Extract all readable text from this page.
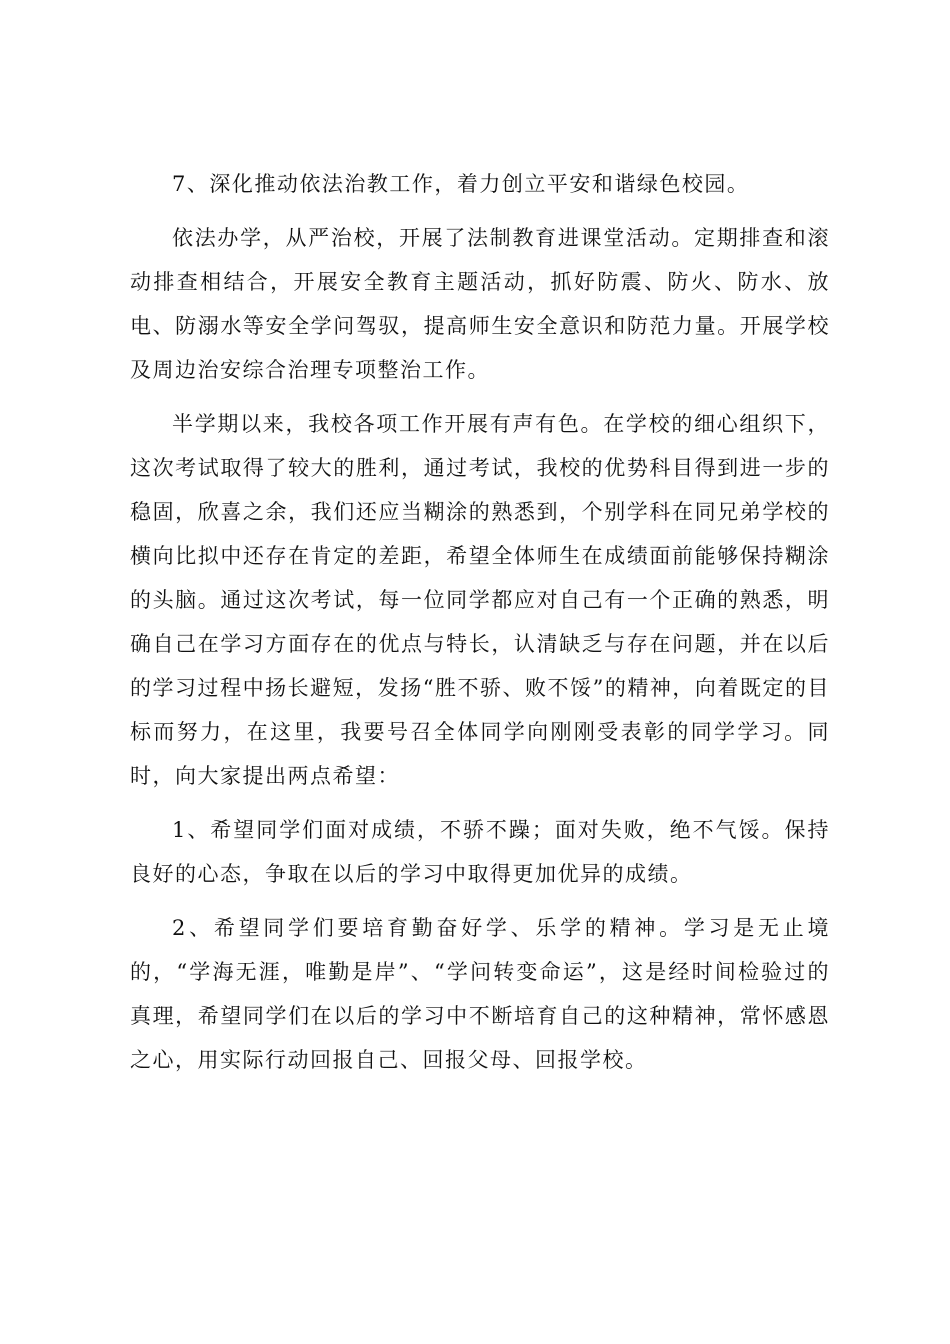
7、深化推动依法治教工作，着力创立平安和谐绿色校园。

依法办学，从严治校，开展了法制教育进课堂活动。定期排查和滚动排查相结合，开展安全教育主题活动，抓好防震、防火、防水、放电、防溺水等安全学问驾驭，提高师生安全意识和防范力量。开展学校及周边治安综合治理专项整治工作。

半学期以来，我校各项工作开展有声有色。在学校的细心组织下，这次考试取得了较大的胜利，通过考试，我校的优势科目得到进一步的稳固，欣喜之余，我们还应当糊涂的熟悉到，个别学科在同兄弟学校的横向比拟中还存在肯定的差距，希望全体师生在成绩面前能够保持糊涂的头脑。通过这次考试，每一位同学都应对自己有一个正确的熟悉，明确自己在学习方面存在的优点与特长，认清缺乏与存在问题，并在以后的学习过程中扬长避短，发扬“胜不骄、败不馁”的精神，向着既定的目标而努力，在这里，我要号召全体同学向刚刚受表彰的同学学习。同时，向大家提出两点希望：

1、希望同学们面对成绩，不骄不躁；面对失败，绝不气馁。保持良好的心态，争取在以后的学习中取得更加优异的成绩。

2、希望同学们要培育勤奋好学、乐学的精神。学习是无止境的，“学海无涯，唯勤是岸”、“学问转变命运”，这是经时间检验过的真理，希望同学们在以后的学习中不断培育自己的这种精神，常怀感恩之心，用实际行动回报自己、回报父母、回报学校。
